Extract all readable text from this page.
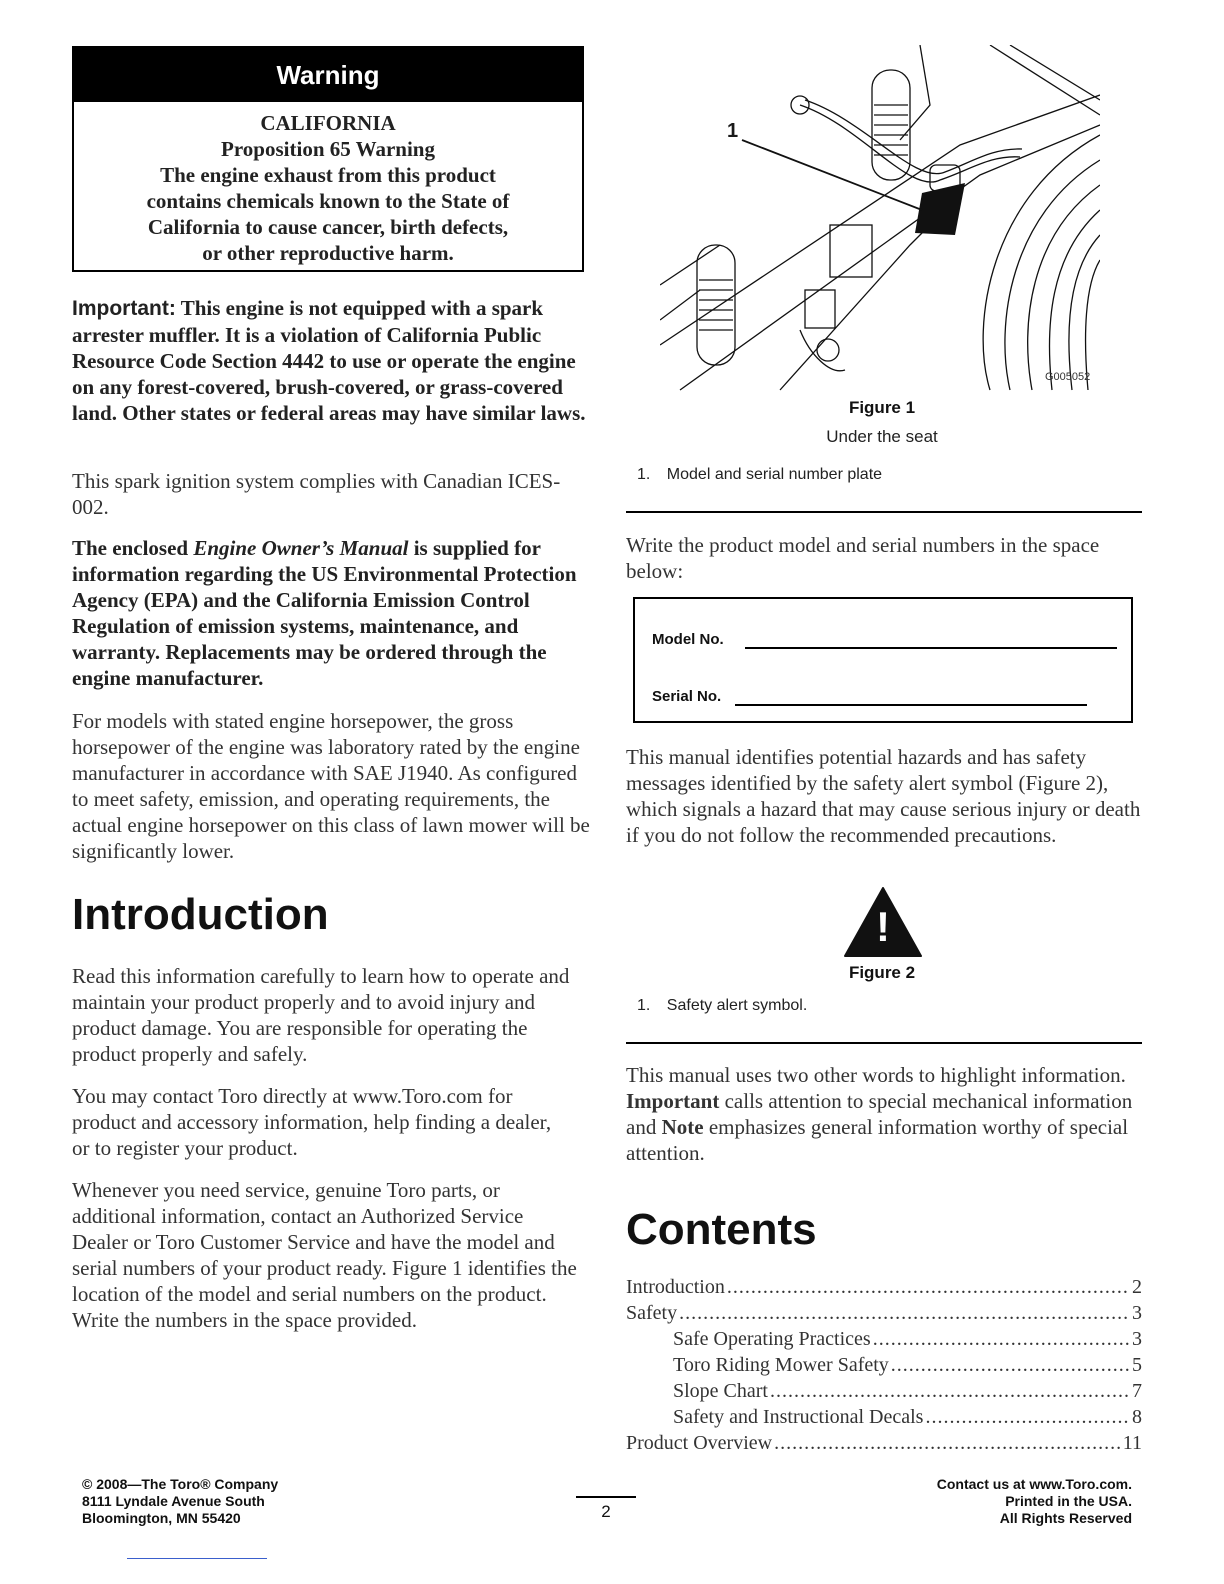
Warning
CALIFORNIA
Proposition 65 Warning
The engine exhaust from this product
contains chemicals known to the State of
California to cause cancer, birth defects,
or other reproductive harm.
Important: This engine is not equipped with a spark arrester muffler. It is a violation of California Public Resource Code Section 4442 to use or operate the engine on any forest-covered, brush-covered, or grass-covered land. Other states or federal areas may have similar laws.
This spark ignition system complies with Canadian ICES-002.
The enclosed Engine Owner’s Manual is supplied for information regarding the US Environmental Protection Agency (EPA) and the California Emission Control Regulation of emission systems, maintenance, and warranty. Replacements may be ordered through the engine manufacturer.
For models with stated engine horsepower, the gross horsepower of the engine was laboratory rated by the engine manufacturer in accordance with SAE J1940. As configured to meet safety, emission, and operating requirements, the actual engine horsepower on this class of lawn mower will be significantly lower.
Introduction
Read this information carefully to learn how to operate and maintain your product properly and to avoid injury and product damage. You are responsible for operating the product properly and safely.
You may contact Toro directly at www.Toro.com for product and accessory information, help finding a dealer, or to register your product.
Whenever you need service, genuine Toro parts, or additional information, contact an Authorized Service Dealer or Toro Customer Service and have the model and serial numbers of your product ready. Figure 1 identifies the location of the model and serial numbers on the product. Write the numbers in the space provided.
1
G005052
Figure 1
Under the seat
1. Model and serial number plate
Write the product model and serial numbers in the space below:
Model No.
Serial No.
This manual identifies potential hazards and has safety messages identified by the safety alert symbol (Figure 2), which signals a hazard that may cause serious injury or death if you do not follow the recommended precautions.
!
Figure 2
1. Safety alert symbol.
This manual uses two other words to highlight information. Important calls attention to special mechanical information and Note emphasizes general information worthy of special attention.
Contents
Introduction .....	2
Safety .....	3
Safe Operating Practices .....	3
Toro Riding Mower Safety .....	5
Slope Chart .....	7
Safety and Instructional Decals .....	8
Product Overview .....	11
© 2008—The Toro® Company
8111 Lyndale Avenue South
Bloomington, MN 55420	2
Contact us at www.Toro.com.
Printed in the USA.
All Rights Reserved
